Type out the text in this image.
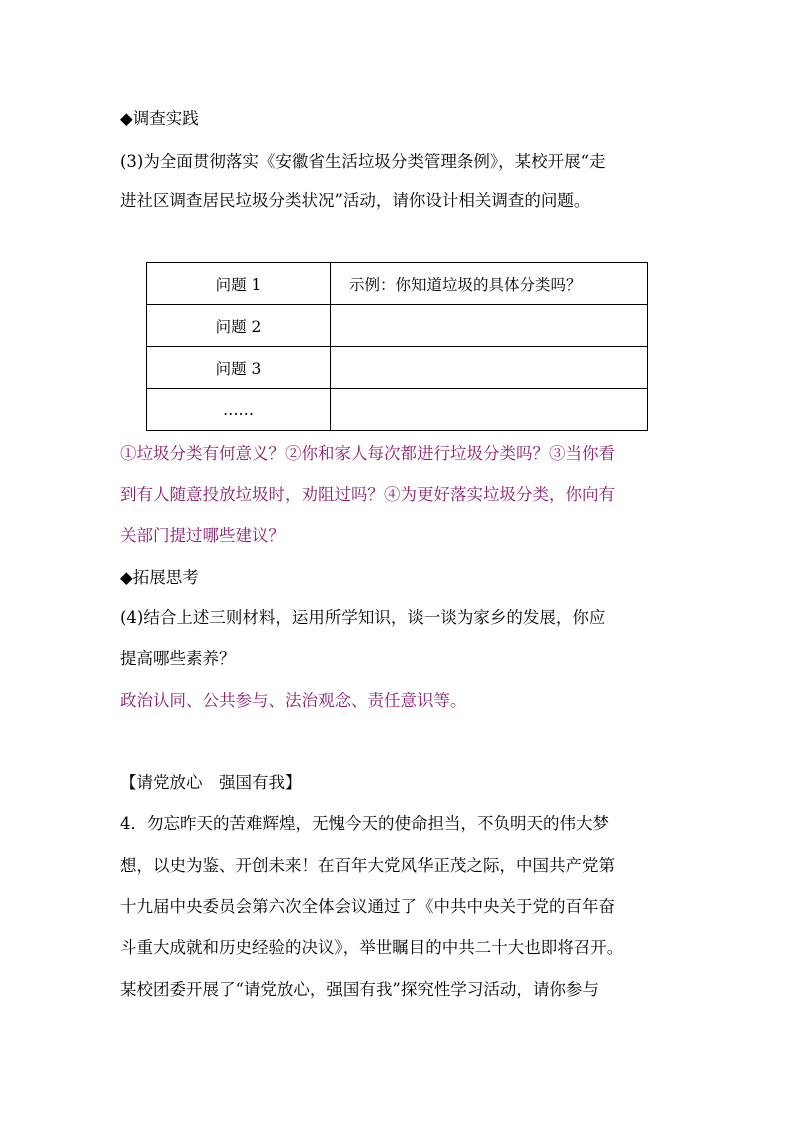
◆调查实践
(3)为全面贯彻落实《安徽省生活垃圾分类管理条例》，某校开展“走
进社区调查居民垃圾分类状况”活动，请你设计相关调查的问题。
问题 1	示例：你知道垃圾的具体分类吗？
问题 2	
问题 3	
……	
①垃圾分类有何意义？②你和家人每次都进行垃圾分类吗？③当你看
到有人随意投放垃圾时，劝阻过吗？④为更好落实垃圾分类，你向有
关部门提过哪些建议？
◆拓展思考
(4)结合上述三则材料，运用所学知识，谈一谈为家乡的发展，你应
提高哪些素养？
政治认同、公共参与、法治观念、责任意识等。
【请党放心　强国有我】
4．勿忘昨天的苦难辉煌，无愧今天的使命担当，不负明天的伟大梦
想，以史为鉴、开创未来！在百年大党风华正茂之际，中国共产党第
十九届中央委员会第六次全体会议通过了《中共中央关于党的百年奋
斗重大成就和历史经验的决议》，举世瞩目的中共二十大也即将召开。
某校团委开展了“请党放心，强国有我”探究性学习活动，请你参与
